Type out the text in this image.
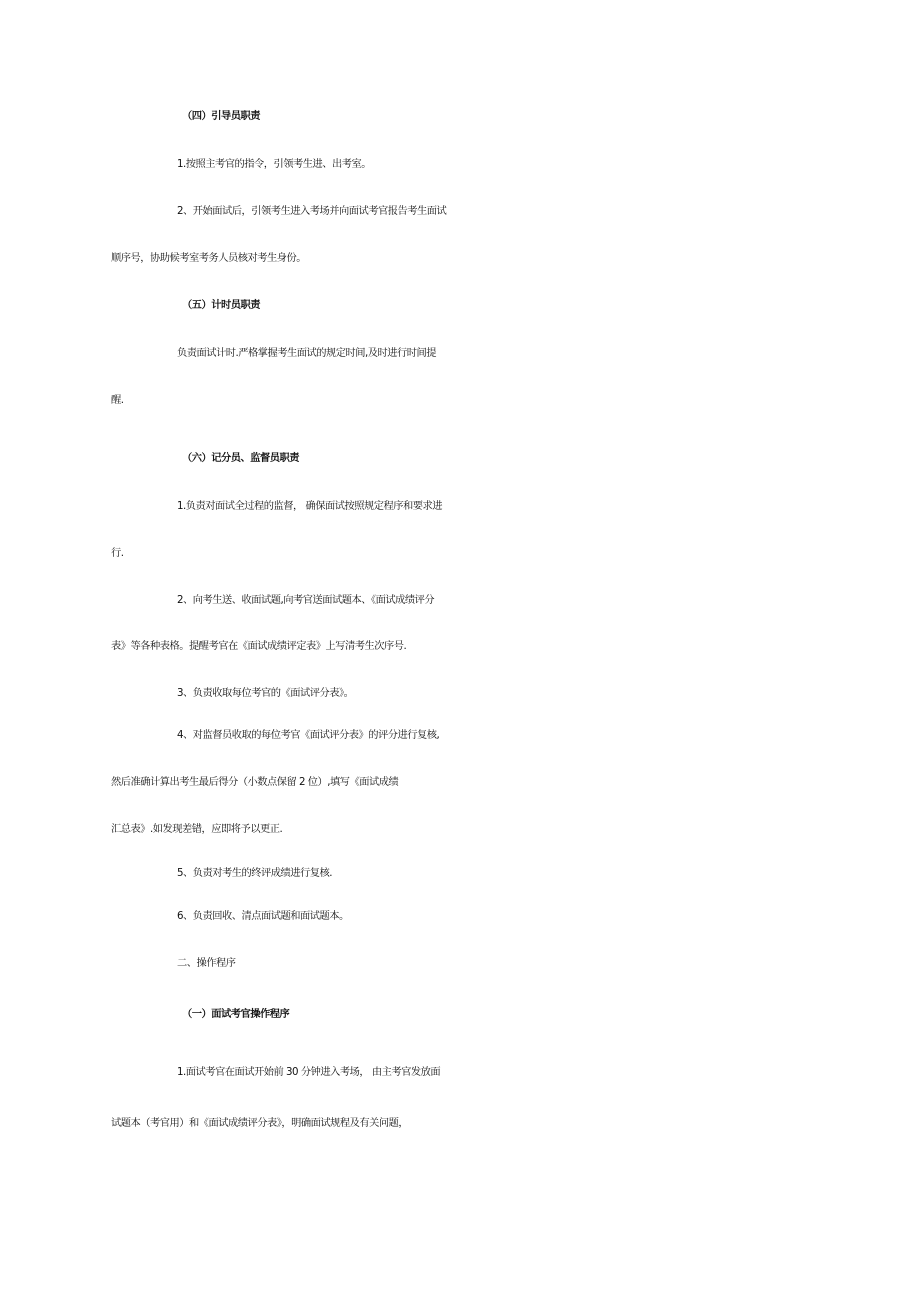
（四）引导员职责
1.按照主考官的指令，引领考生进、出考室。
2、开始面试后，引领考生进入考场并向面试考官报告考生面试
顺序号，协助候考室考务人员核对考生身份。
（五）计时员职责
负责面试计时.严格掌握考生面试的规定时间,及时进行时间提
醒.
（六）记分员、监督员职责
1.负责对面试全过程的监督， 确保面试按照规定程序和要求进
行.
2、向考生送、收面试题,向考官送面试题本、《面试成绩评分
表》等各种表格。提醒考官在《面试成绩评定表》上写清考生次序号.
3、负责收取每位考官的《面试评分表》。
4、对监督员收取的每位考官《面试评分表》的评分进行复核,
然后准确计算出考生最后得分（小数点保留 2 位）,填写《面试成绩
汇总表》.如发现差错，应即将予以更正.
5、负责对考生的终评成绩进行复核.
6、负责回收、清点面试题和面试题本。
二、操作程序
（一）面试考官操作程序
1.面试考官在面试开始前 30 分钟进入考场， 由主考官发放面
试题本（考官用）和《面试成绩评分表》，明确面试规程及有关问题，
